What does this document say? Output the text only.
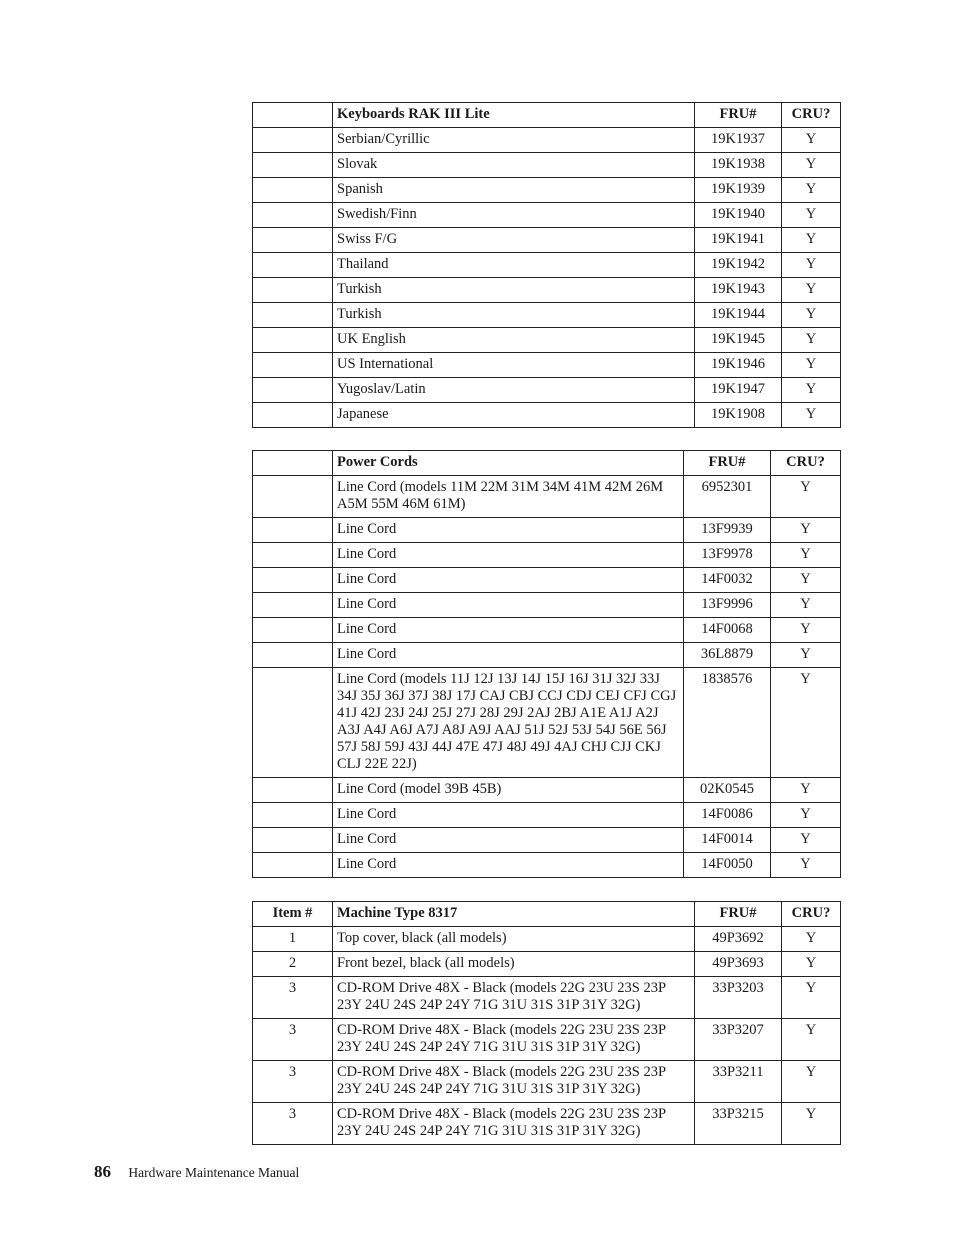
	Keyboards RAK III Lite	FRU#	CRU?
	Serbian/Cyrillic	19K1937	Y
	Slovak	19K1938	Y
	Spanish	19K1939	Y
	Swedish/Finn	19K1940	Y
	Swiss F/G	19K1941	Y
	Thailand	19K1942	Y
	Turkish	19K1943	Y
	Turkish	19K1944	Y
	UK English	19K1945	Y
	US International	19K1946	Y
	Yugoslav/Latin	19K1947	Y
	Japanese	19K1908	Y
	Power Cords	FRU#	CRU?
	Line Cord (models 11M 22M 31M 34M 41M 42M 26M A5M 55M 46M 61M)	6952301	Y
	Line Cord	13F9939	Y
	Line Cord	13F9978	Y
	Line Cord	14F0032	Y
	Line Cord	13F9996	Y
	Line Cord	14F0068	Y
	Line Cord	36L8879	Y
	Line Cord (models 11J 12J 13J 14J 15J 16J 31J 32J 33J 34J 35J 36J 37J 38J 17J CAJ CBJ CCJ CDJ CEJ CFJ CGJ 41J 42J 23J 24J 25J 27J 28J 29J 2AJ 2BJ A1E A1J A2J A3J A4J A6J A7J A8J A9J AAJ 51J 52J 53J 54J 56E 56J 57J 58J 59J 43J 44J 47E 47J 48J 49J 4AJ CHJ CJJ CKJ CLJ 22E 22J)	1838576	Y
	Line Cord (model 39B 45B)	02K0545	Y
	Line Cord	14F0086	Y
	Line Cord	14F0014	Y
	Line Cord	14F0050	Y
Item #	Machine Type 8317	FRU#	CRU?
1	Top cover, black (all models)	49P3692	Y
2	Front bezel, black (all models)	49P3693	Y
3	CD-ROM Drive 48X - Black (models 22G 23U 23S 23P 23Y 24U 24S 24P 24Y 71G 31U 31S 31P 31Y 32G)	33P3203	Y
3	CD-ROM Drive 48X - Black (models 22G 23U 23S 23P 23Y 24U 24S 24P 24Y 71G 31U 31S 31P 31Y 32G)	33P3207	Y
3	CD-ROM Drive 48X - Black (models 22G 23U 23S 23P 23Y 24U 24S 24P 24Y 71G 31U 31S 31P 31Y 32G)	33P3211	Y
3	CD-ROM Drive 48X - Black (models 22G 23U 23S 23P 23Y 24U 24S 24P 24Y 71G 31U 31S 31P 31Y 32G)	33P3215	Y
86 Hardware Maintenance Manual
